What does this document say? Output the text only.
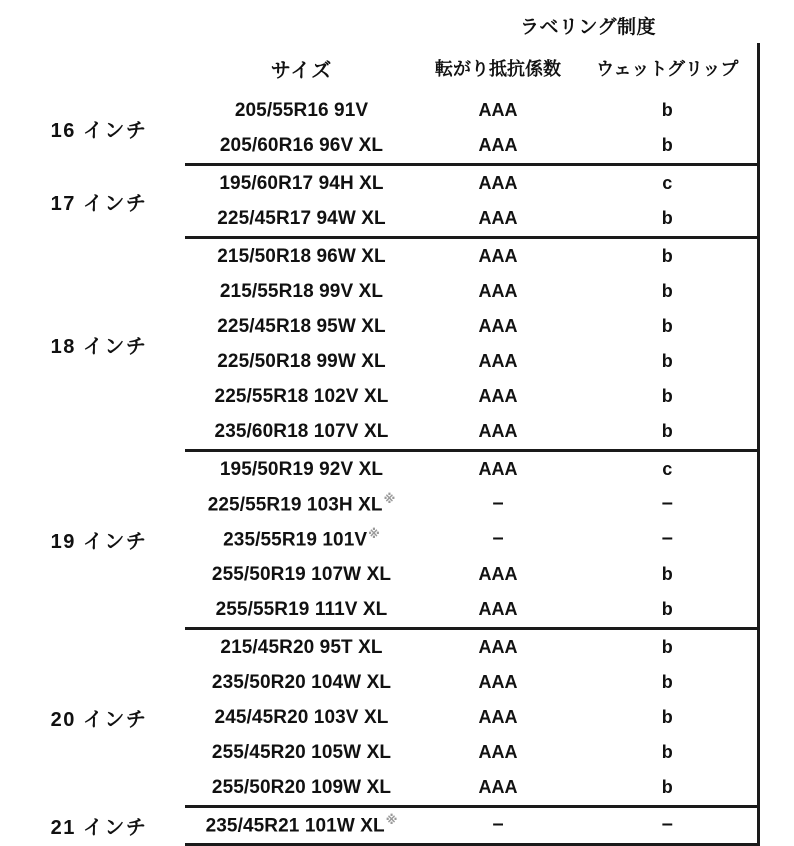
		ラベリング制度	
	サイズ	転がり抵抗係数	ウェットグリップ
16 インチ	205/55R16 91V	AAA	b
	205/60R16 96V XL	AAA	b
17 インチ	195/60R17 94H XL	AAA	c
	225/45R17 94W XL	AAA	b
18 インチ	215/50R18 96W XL	AAA	b
	215/55R18 99V XL	AAA	b
	225/45R18 95W XL	AAA	b
	225/50R18 99W XL	AAA	b
	225/55R18 102V XL	AAA	b
	235/60R18 107V XL	AAA	b
19 インチ	195/50R19 92V XL	AAA	c
	225/55R19 103H XL※	–	–
	235/55R19 101V※	–	–
	255/50R19 107W XL	AAA	b
	255/55R19 111V XL	AAA	b
20 インチ	215/45R20 95T XL	AAA	b
	235/50R20 104W XL	AAA	b
	245/45R20 103V XL	AAA	b
	255/45R20 105W XL	AAA	b
	255/50R20 109W XL	AAA	b
21 インチ	235/45R21 101W XL※	–	–
